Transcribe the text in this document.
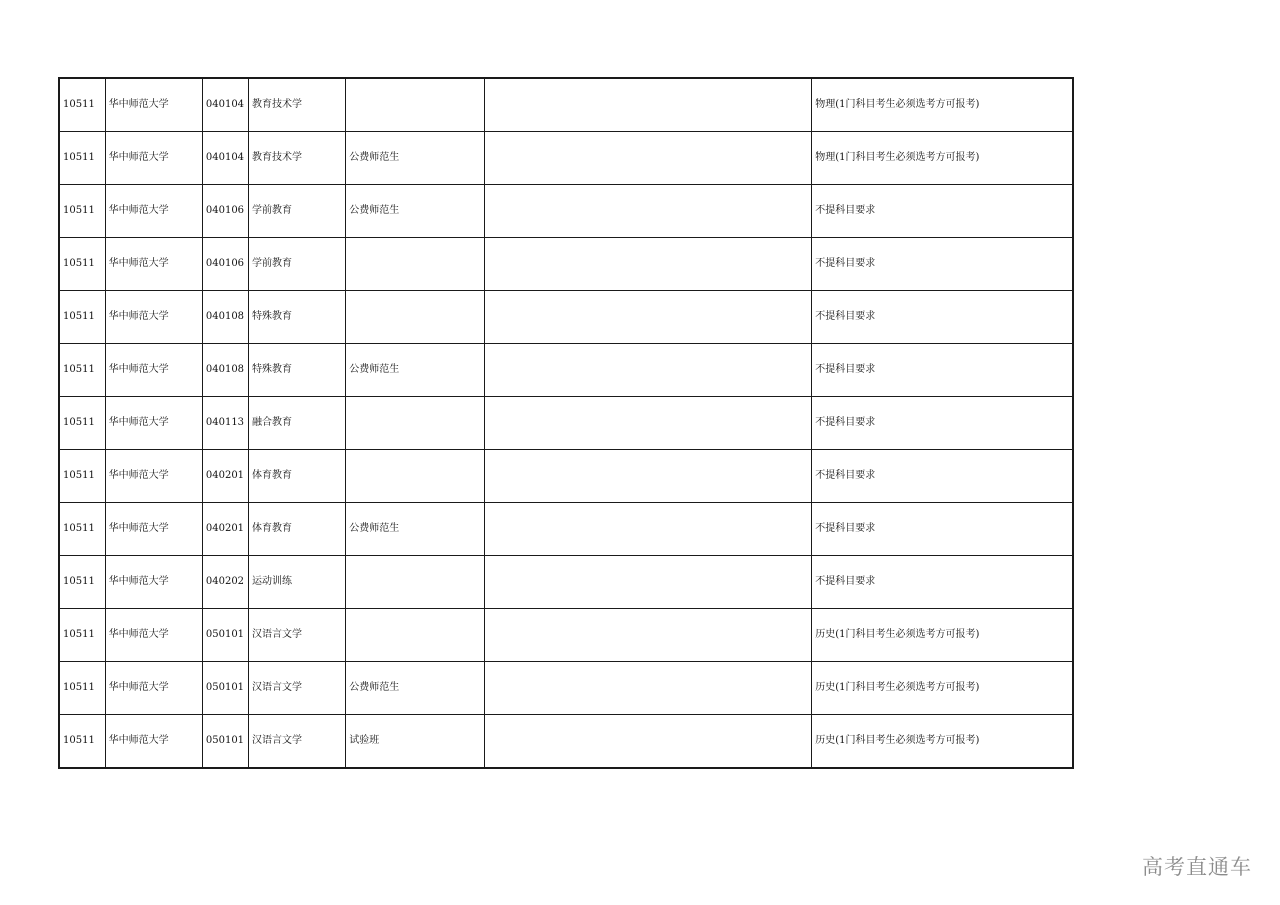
10511	华中师范大学	040104	教育技术学			物理(1门科目考生必须选考方可报考)
10511	华中师范大学	040104	教育技术学	公费师范生		物理(1门科目考生必须选考方可报考)
10511	华中师范大学	040106	学前教育	公费师范生		不提科目要求
10511	华中师范大学	040106	学前教育			不提科目要求
10511	华中师范大学	040108	特殊教育			不提科目要求
10511	华中师范大学	040108	特殊教育	公费师范生		不提科目要求
10511	华中师范大学	040113	融合教育			不提科目要求
10511	华中师范大学	040201	体育教育			不提科目要求
10511	华中师范大学	040201	体育教育	公费师范生		不提科目要求
10511	华中师范大学	040202	运动训练			不提科目要求
10511	华中师范大学	050101	汉语言文学			历史(1门科目考生必须选考方可报考)
10511	华中师范大学	050101	汉语言文学	公费师范生		历史(1门科目考生必须选考方可报考)
10511	华中师范大学	050101	汉语言文学	试验班		历史(1门科目考生必须选考方可报考)
高考直通车
